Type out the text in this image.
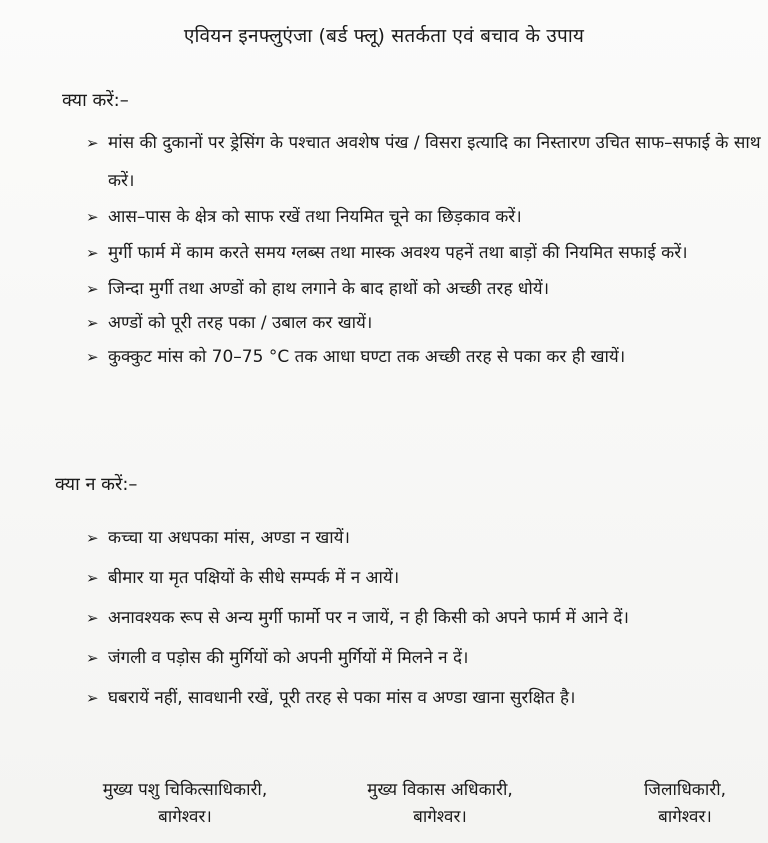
एवियन इनफ्लुएंजा (बर्ड फ्लू) सतर्कता एवं बचाव के उपाय
क्या करें:–
➢ मांस की दुकानों पर ड्रेसिंग के पश्चात अवशेष पंख / विसरा इत्यादि का निस्तारण उचित साफ–सफाई के साथ करें।
➢ आस–पास के क्षेत्र को साफ रखें तथा नियमित चूने का छिड़काव करें।
➢ मुर्गी फार्म में काम करते समय ग्लब्स तथा मास्क अवश्य पहनें तथा बाड़ों की नियमित सफाई करें।
➢ जिन्दा मुर्गी तथा अण्डों को हाथ लगाने के बाद हाथों को अच्छी तरह धोयें।
➢ अण्डों को पूरी तरह पका / उबाल कर खायें।
➢ कुक्कुट मांस को 70–75 °C तक आधा घण्टा तक अच्छी तरह से पका कर ही खायें।
क्या न करें:–
➢ कच्चा या अधपका मांस, अण्डा न खायें।
➢ बीमार या मृत पक्षियों के सीधे सम्पर्क में न आयें।
➢ अनावश्यक रूप से अन्य मुर्गी फार्मो पर न जायें, न ही किसी को अपने फार्म में आने दें।
➢ जंगली व पड़ोस की मुर्गियों को अपनी मुर्गियों में मिलने न दें।
➢ घबरायें नहीं, सावधानी रखें, पूरी तरह से पका मांस व अण्डा खाना सुरक्षित है।
मुख्य पशु चिकित्साधिकारी,
बागेश्वर।
मुख्य विकास अधिकारी,
बागेश्वर।
जिलाधिकारी,
बागेश्वर।
